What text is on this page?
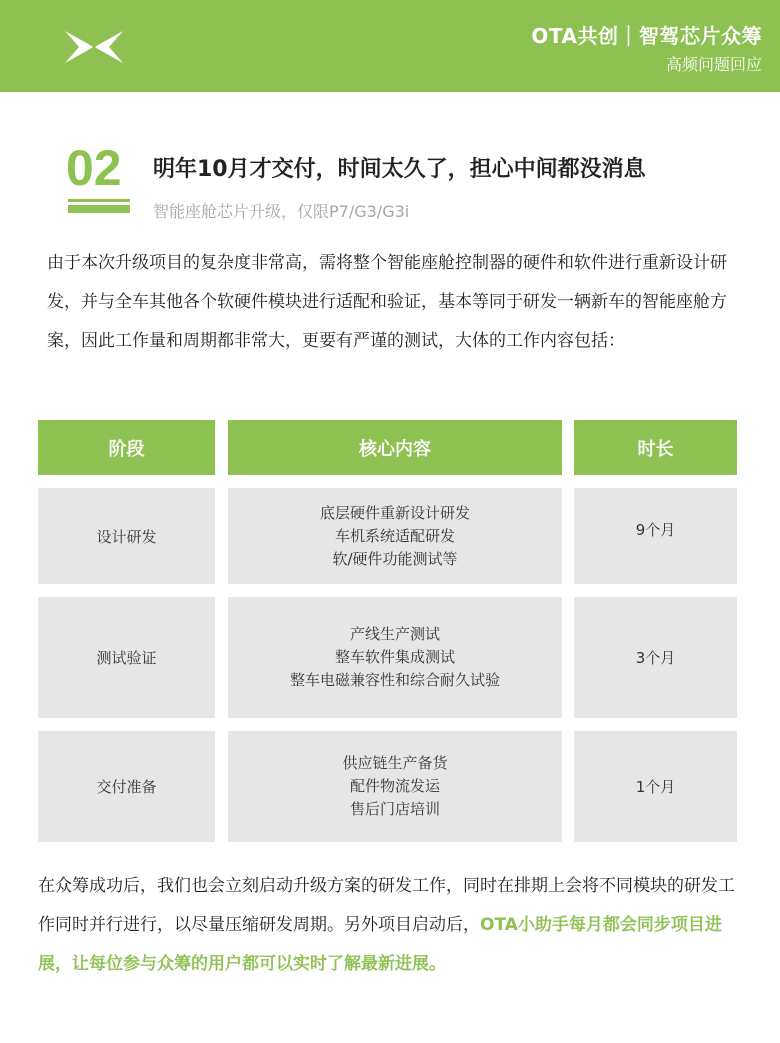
OTA共创｜智驾芯片众筹
高频问题回应
02 明年10月才交付，时间太久了，担心中间都没消息
智能座舱芯片升级，仅限P7/G3/G3i
由于本次升级项目的复杂度非常高，需将整个智能座舱控制器的硬件和软件进行重新设计研发，并与全车其他各个软硬件模块进行适配和验证，基本等同于研发一辆新车的智能座舱方案，因此工作量和周期都非常大，更要有严谨的测试，大体的工作内容包括：
阶段	核心内容	时长
设计研发
底层硬件重新设计研发
车机系统适配研发
软/硬件功能测试等
9个月
测试验证
产线生产测试
整车软件集成测试
整车电磁兼容性和综合耐久试验
3个月
交付准备
供应链生产备货
配件物流发运
售后门店培训
1个月
在众筹成功后，我们也会立刻启动升级方案的研发工作，同时在排期上会将不同模块的研发工作同时并行进行，以尽量压缩研发周期。另外项目启动后，OTA小助手每月都会同步项目进展，让每位参与众筹的用户都可以实时了解最新进展。
